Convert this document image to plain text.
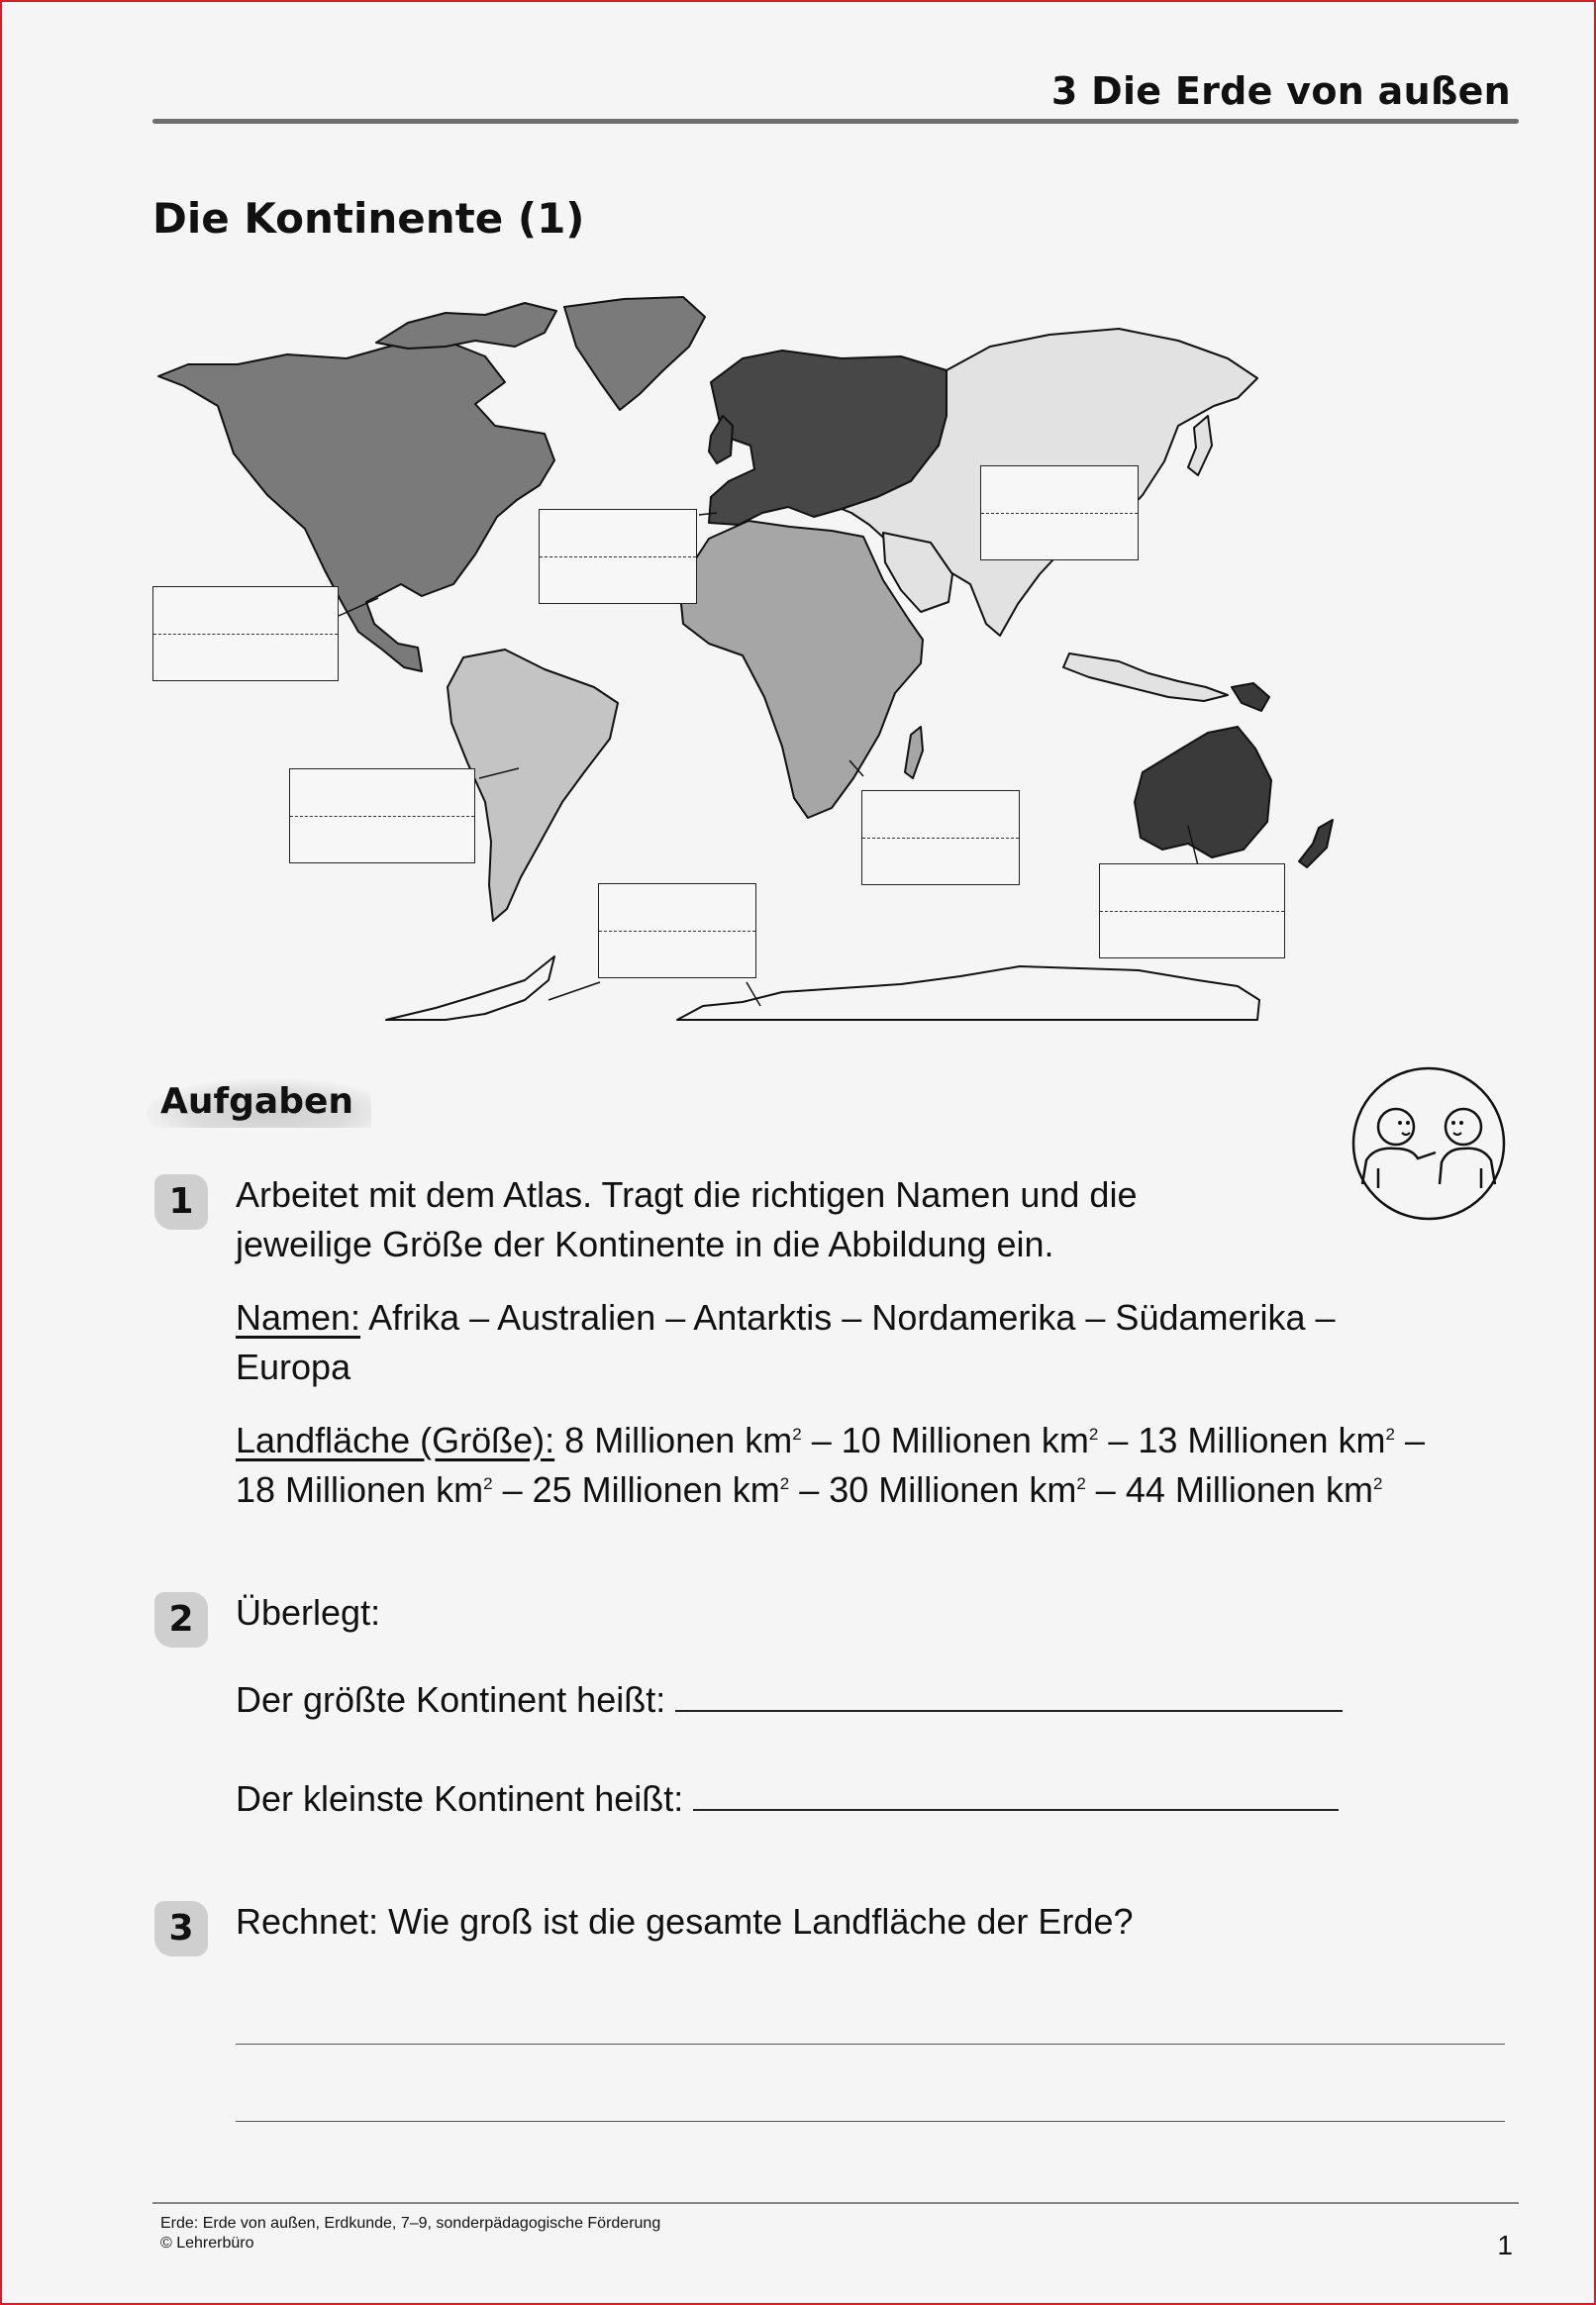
3 Die Erde von außen
Die Kontinente (1)
Aufgaben
1	Arbeitet mit dem Atlas. Tragt die richtigen Namen und die
jeweilige Größe der Kontinente in die Abbildung ein.
Namen: Afrika – Australien – Antarktis – Nordamerika – Südamerika –
Europa
Landfläche (Größe): 8 Millionen $km^2 - 10$ Millionen $km^2 - 13$ Millionen $km^2$ –
18 Millionen $km^2 - 25$ Millionen $km^2 - 30$ Millionen $km^2 - 44$ Millionen $km^2$
2	Überlegt:
Der größte Kontinent heißt:
Der kleinste Kontinent heißt:
3	Rechnet: Wie groß ist die gesamte Landfläche der Erde?
Erde: Erde von außen, Erdkunde, 7–9, sonderpädagogische Förderung
© Lehrerbüro	1
